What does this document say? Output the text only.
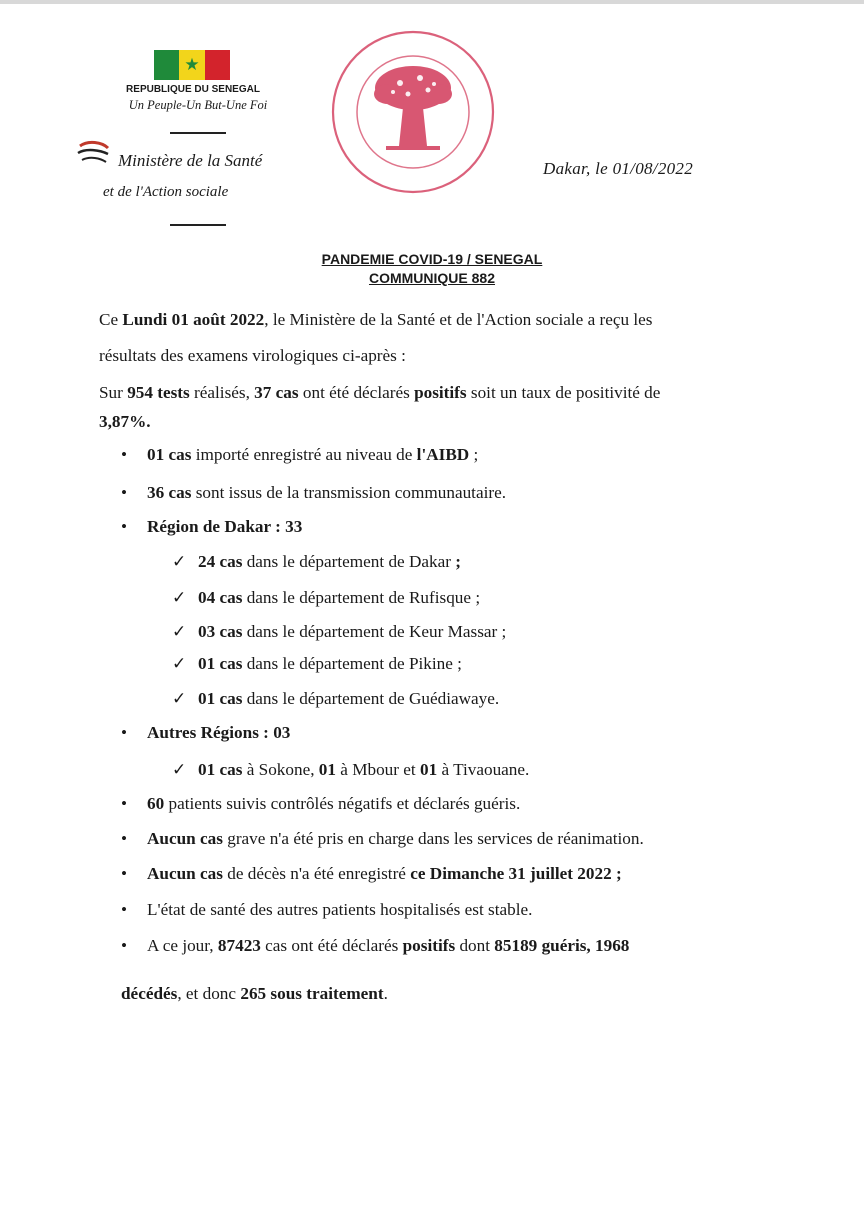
★
REPUBLIQUE DU SENEGAL
Un Peuple-Un But-Une Foi
Ministère de la Santé
et de l'Action sociale
Dakar, le 01/08/2022
PANDEMIE COVID-19 / SENEGAL
COMMUNIQUE 882
Ce Lundi 01 août 2022, le Ministère de la Santé et de l'Action sociale a reçu les
résultats des examens virologiques ci-après :
Sur 954 tests réalisés, 37 cas ont été déclarés positifs soit un taux de positivité de
3,87%.
• 01 cas importé enregistré au niveau de l'AIBD ;
• 36 cas sont issus de la transmission communautaire.
• Région de Dakar : 33
✓ 24 cas dans le département de Dakar ;
✓ 04 cas dans le département de Rufisque ;
✓ 03 cas dans le département de Keur Massar ;
✓ 01 cas dans le département de Pikine ;
✓ 01 cas dans le département de Guédiawaye.
• Autres Régions : 03
✓ 01 cas à Sokone, 01 à Mbour et 01 à Tivaouane.
• 60 patients suivis contrôlés négatifs et déclarés guéris.
• Aucun cas grave n'a été pris en charge dans les services de réanimation.
• Aucun cas de décès n'a été enregistré ce Dimanche 31 juillet 2022 ;
• L'état de santé des autres patients hospitalisés est stable.
• A ce jour, 87423 cas ont été déclarés positifs dont 85189 guéris, 1968
décédés, et donc 265 sous traitement.
